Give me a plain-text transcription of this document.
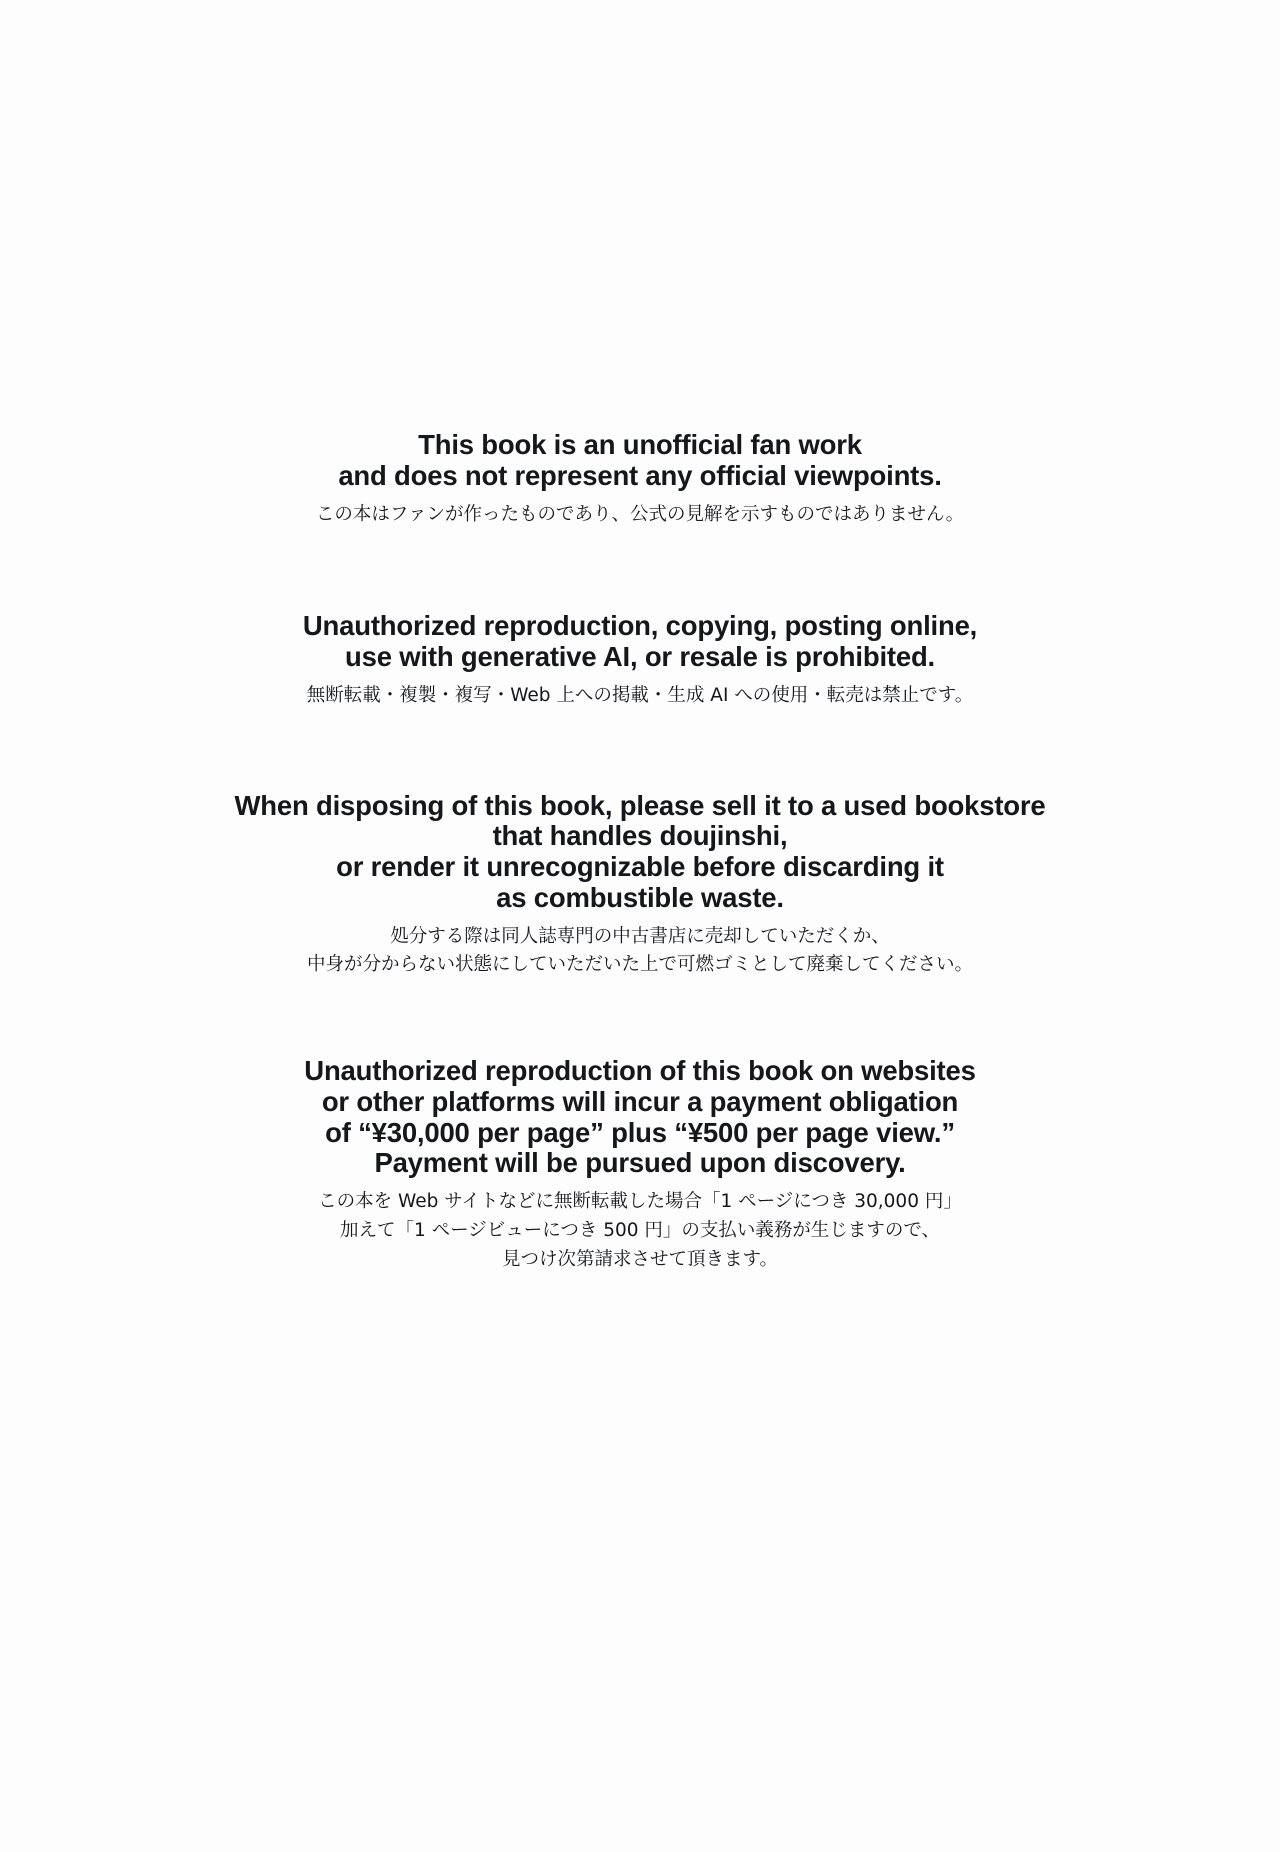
This book is an unofficial fan work
and does not represent any official viewpoints.
この本はファンが作ったものであり、公式の見解を示すものではありません。
Unauthorized reproduction, copying, posting online,
use with generative AI, or resale is prohibited.
無断転載・複製・複写・Web 上への掲載・生成 AI への使用・転売は禁止です。
When disposing of this book, please sell it to a used bookstore
that handles doujinshi,
or render it unrecognizable before discarding it
as combustible waste.
処分する際は同人誌専門の中古書店に売却していただくか、
中身が分からない状態にしていただいた上で可燃ゴミとして廃棄してください。
Unauthorized reproduction of this book on websites
or other platforms will incur a payment obligation
of “¥30,000 per page” plus “¥500 per page view.”
Payment will be pursued upon discovery.
この本を Web サイトなどに無断転載した場合「1 ページにつき 30,000 円」
加えて「1 ページビューにつき 500 円」の支払い義務が生じますので、
見つけ次第請求させて頂きます。
